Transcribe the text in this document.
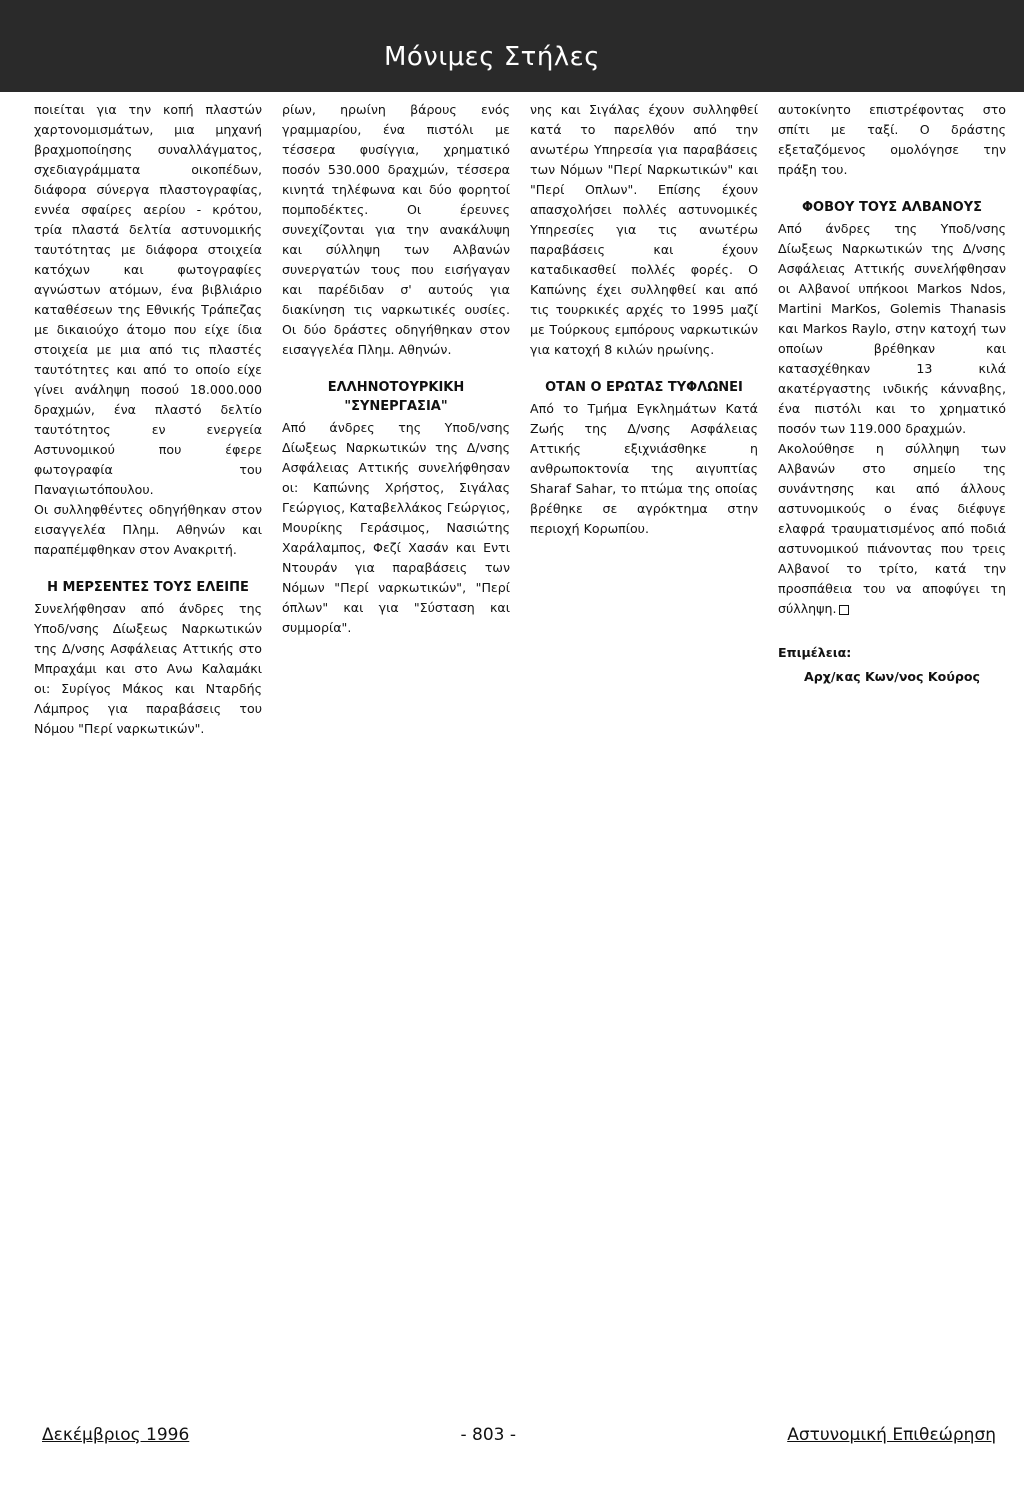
Μόνιμες Στήλες

ποιείται για την κοπή πλαστών χαρτονομισμάτων, μια μηχανή βραχμοποίησης συναλλάγματος, σχεδιαγράμματα οικοπέδων, διάφορα σύνεργα πλαστογραφίας, εννέα σφαίρες αερίου - κρότου, τρία πλαστά δελτία αστυνομικής ταυτότητας με διάφορα στοιχεία κατόχων και φωτογραφίες αγνώστων ατόμων, ένα βιβλιάριο καταθέσεων της Εθνικής Τράπεζας με δικαιούχο άτομο που είχε ίδια στοιχεία με μια από τις πλαστές ταυτότητες και από το οποίο είχε γίνει ανάληψη ποσού 18.000.000 δραχμών, ένα πλαστό δελτίο ταυτότητος εν ενεργεία Αστυνομικού που έφερε φωτογραφία του Παναγιωτόπουλου.

Οι συλληφθέντες οδηγήθηκαν στον εισαγγελέα Πλημ. Αθηνών και παραπέμφθηκαν στον Ανακριτή.

Η ΜΕΡΣΕΝΤΕΣ ΤΟΥΣ ΕΛΕΙΠΕ

Συνελήφθησαν από άνδρες της Υποδ/νσης Δίωξεως Ναρκωτικών της Δ/νσης Ασφάλειας Αττικής στο Μπραχάμι και στο Ανω Καλαμάκι οι: Συρίγος Μάκος και Νταρδής Λάμπρος για παραβάσεις του Νόμου "Περί ναρκωτικών".

ρίων, ηρωίνη βάρους ενός γραμμαρίου, ένα πιστόλι με τέσσερα φυσίγγια, χρηματικό ποσόν 530.000 δραχμών, τέσσερα κινητά τηλέφωνα και δύο φορητοί πομποδέκτες. Οι έρευνες συνεχίζονται για την ανακάλυψη και σύλληψη των Αλβανών συνεργατών τους που εισήγαγαν και παρέδιδαν σ' αυτούς για διακίνηση τις ναρκωτικές ουσίες. Οι δύο δράστες οδηγήθηκαν στον εισαγγελέα Πλημ. Αθηνών.

ΕΛΛΗΝΟΤΟΥΡΚΙΚΗ "ΣΥΝΕΡΓΑΣΙΑ"

Από άνδρες της Υποδ/νσης Δίωξεως Ναρκωτικών της Δ/νσης Ασφάλειας Αττικής συνελήφθησαν οι: Καπώνης Χρήστος, Σιγάλας Γεώργιος, Καταβελλάκος Γεώργιος, Μουρίκης Γεράσιμος, Νασιώτης Χαράλαμπος, Φεζί Χασάν και Εντι Ντουράν για παραβάσεις των Νόμων "Περί ναρκωτικών", "Περί όπλων" και για "Σύσταση και συμμορία".

νης και Σιγάλας έχουν συλληφθεί κατά το παρελθόν από την ανωτέρω Υπηρεσία για παραβάσεις των Νόμων "Περί Ναρκωτικών" και "Περί Οπλων". Επίσης έχουν απασχολήσει πολλές αστυνομικές Υπηρεσίες για τις ανωτέρω παραβάσεις και έχουν καταδικασθεί πολλές φορές. Ο Καπώνης έχει συλληφθεί και από τις τουρκικές αρχές το 1995 μαζί με Τούρκους εμπόρους ναρκωτικών για κατοχή 8 κιλών ηρωίνης.

ΟΤΑΝ Ο ΕΡΩΤΑΣ ΤΥΦΛΩΝΕΙ

Από το Τμήμα Εγκλημάτων Κατά Ζωής της Δ/νσης Ασφάλειας Αττικής εξιχνιάσθηκε η ανθρωποκτονία της αιγυπτίας Sharaf Sahar, το πτώμα της οποίας βρέθηκε σε αγρόκτημα στην περιοχή Κορωπίου.

αυτοκίνητο επιστρέφοντας στο σπίτι με ταξί. Ο δράστης εξεταζόμενος ομολόγησε την πράξη του.

ΦΟΒΟΥ ΤΟΥΣ ΑΛΒΑΝΟΥΣ

Από άνδρες της Υποδ/νσης Δίωξεως Ναρκωτικών της Δ/νσης Ασφάλειας Αττικής συνελήφθησαν οι Αλβανοί υπήκοοι Markos Ndos, Martini MarKos, Golemis Thanasis και Markos Raylo, στην κατοχή των οποίων βρέθηκαν και κατασχέθηκαν 13 κιλά ακατέργαστης ινδικής κάνναβης, ένα πιστόλι και το χρηματικό ποσόν των 119.000 δραχμών.

Ακολούθησε η σύλληψη των Αλβανών στο σημείο της συνάντησης και από άλλους αστυνομικούς ο ένας διέφυγε ελαφρά τραυματισμένος από ποδιά αστυνομικού πιάνοντας που τρεις Αλβανοί το τρίτο, κατά την προσπάθεια του να αποφύγει τη σύλληψη.

Επιμέλεια:
Αρχ/κας Κων/νος Κούρος
Δεκέμβριος 1996	- 803 -	Αστυνομική Επιθεώρηση
